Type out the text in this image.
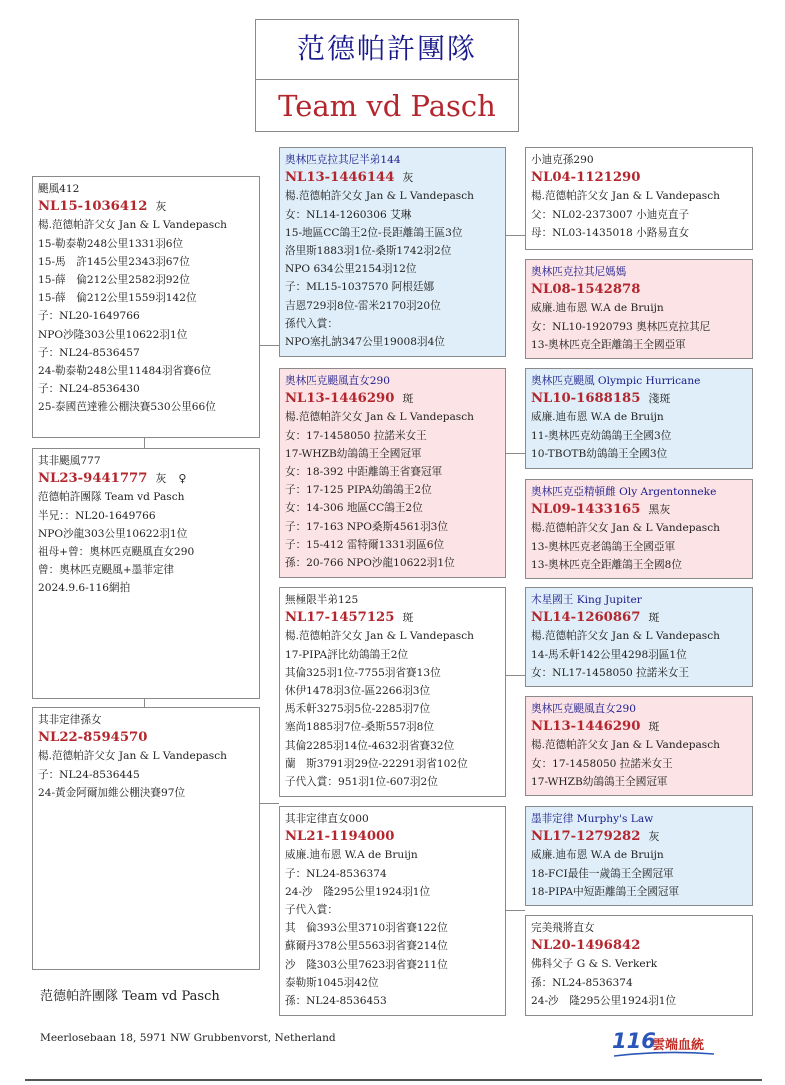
范德帕許團隊
Team vd Pasch
颶風412
NL15-1036412 灰
楊.范德帕許父女 Jan & L Vandepasch
15-勒泰勒248公里1331羽6位
15-馬　許145公里2343羽67位
15-薛　倫212公里2582羽92位
15-薛　倫212公里1559羽142位
子：NL20-1649766
NPO沙隆303公里10622羽1位
子：NL24-8536457
24-勒泰勒248公里11484羽省賽6位
子：NL24-8536430
25-泰國芭達雅公棚決賽530公里66位
其非颶風777
NL23-9441777 灰 ♀
范德帕許團隊 Team vd Pasch
半兄：：NL20-1649766
NPO沙龍303公里10622羽1位
祖母+曾：奧林匹克颶風直女290
曾：奧林匹克颶風+墨菲定律
2024.9.6-116網拍
其非定律孫女
NL22-8594570
楊.范德帕許父女 Jan & L Vandepasch
子：NL24-8536445
24-黃金阿爾加維公棚決賽97位
奧林匹克拉其尼半弟144
NL13-1446144 灰
楊.范德帕許父女 Jan & L Vandepasch
女：NL14-1260306 艾琳
15-地區CC鴿王2位-長距離鴿王區3位
洛里斯1883羽1位-桑斯1742羽2位
NPO 634公里2154羽12位
子：ML15-1037570 阿根廷娜
吉恩729羽8位-雷米2170羽20位
孫代入賞：
NPO塞扎訥347公里19008羽4位
奧林匹克颶風直女290
NL13-1446290 斑
楊.范德帕許父女 Jan & L Vandepasch
女：17-1458050 拉諾米女王
17-WHZB幼鴿鴿王全國冠軍
女：18-392 中距離鴿王省賽冠軍
子：17-125 PIPA幼鴿鴿王2位
女：14-306 地區CC鴿王2位
子：17-163 NPO桑斯4561羽3位
子：15-412 雷特爾1331羽區6位
孫：20-766 NPO沙龍10622羽1位
無極限半弟125
NL17-1457125 斑
楊.范德帕許父女 Jan & L Vandepasch
17-PIPA評比幼鴿鴿王2位
其倫325羽1位-7755羽省賽13位
休伊1478羽3位-區2266羽3位
馬禾軒3275羽5位-2285羽7位
塞尚1885羽7位-桑斯557羽8位
其倫2285羽14位-4632羽省賽32位
蘭　斯3791羽29位-22291羽省102位
子代入賞：951羽1位-607羽2位
其非定律直女000
NL21-1194000
威廉.迪布恩 W.A de Bruijn
子：NL24-8536374
24-沙　隆295公里1924羽1位
子代入賞：
其　倫393公里3710羽省賽122位
蘇爾丹378公里5563羽省賽214位
沙　隆303公里7623羽省賽211位
泰勒斯1045羽42位
孫：NL24-8536453
小迪克孫290
NL04-1121290
楊.范德帕許父女 Jan & L Vandepasch
父：NL02-2373007 小迪克直子
母：NL03-1435018 小路易直女
奧林匹克拉其尼媽媽
NL08-1542878
威廉.迪布恩 W.A de Bruijn
女：NL10-1920793 奧林匹克拉其尼
13-奧林匹克全距離鴿王全國亞軍
奧林匹克颶風 Olympic Hurricane
NL10-1688185 淺斑
威廉.迪布恩 W.A de Bruijn
11-奧林匹克幼鴿鴿王全國3位
10-TBOTB幼鴿鴿王全國3位
奧林匹克亞精頓雌 Oly Argentonneke
NL09-1433165 黑灰
楊.范德帕許父女 Jan & L Vandepasch
13-奧林匹克老鴿鴿王全國亞軍
13-奧林匹克全距離鴿王全國8位
木星國王 King Jupiter
NL14-1260867 斑
楊.范德帕許父女 Jan & L Vandepasch
14-馬禾軒142公里4298羽區1位
女：NL17-1458050 拉諾米女王
奧林匹克颶風直女290
NL13-1446290 斑
楊.范德帕許父女 Jan & L Vandepasch
女：17-1458050 拉諾米女王
17-WHZB幼鴿鴿王全國冠軍
墨菲定律 Murphy's Law
NL17-1279282 灰
威廉.迪布恩 W.A de Bruijn
18-FCI最佳一歲鴿王全國冠軍
18-PIPA中短距離鴿王全國冠軍
完美飛將直女
NL20-1496842
佛科父子 G & S. Verkerk
孫：NL24-8536374
24-沙　隆295公里1924羽1位
范德帕許團隊 Team vd Pasch
Meerlosebaan 18, 5971 NW Grubbenvorst, Netherland	116
雲端血統
